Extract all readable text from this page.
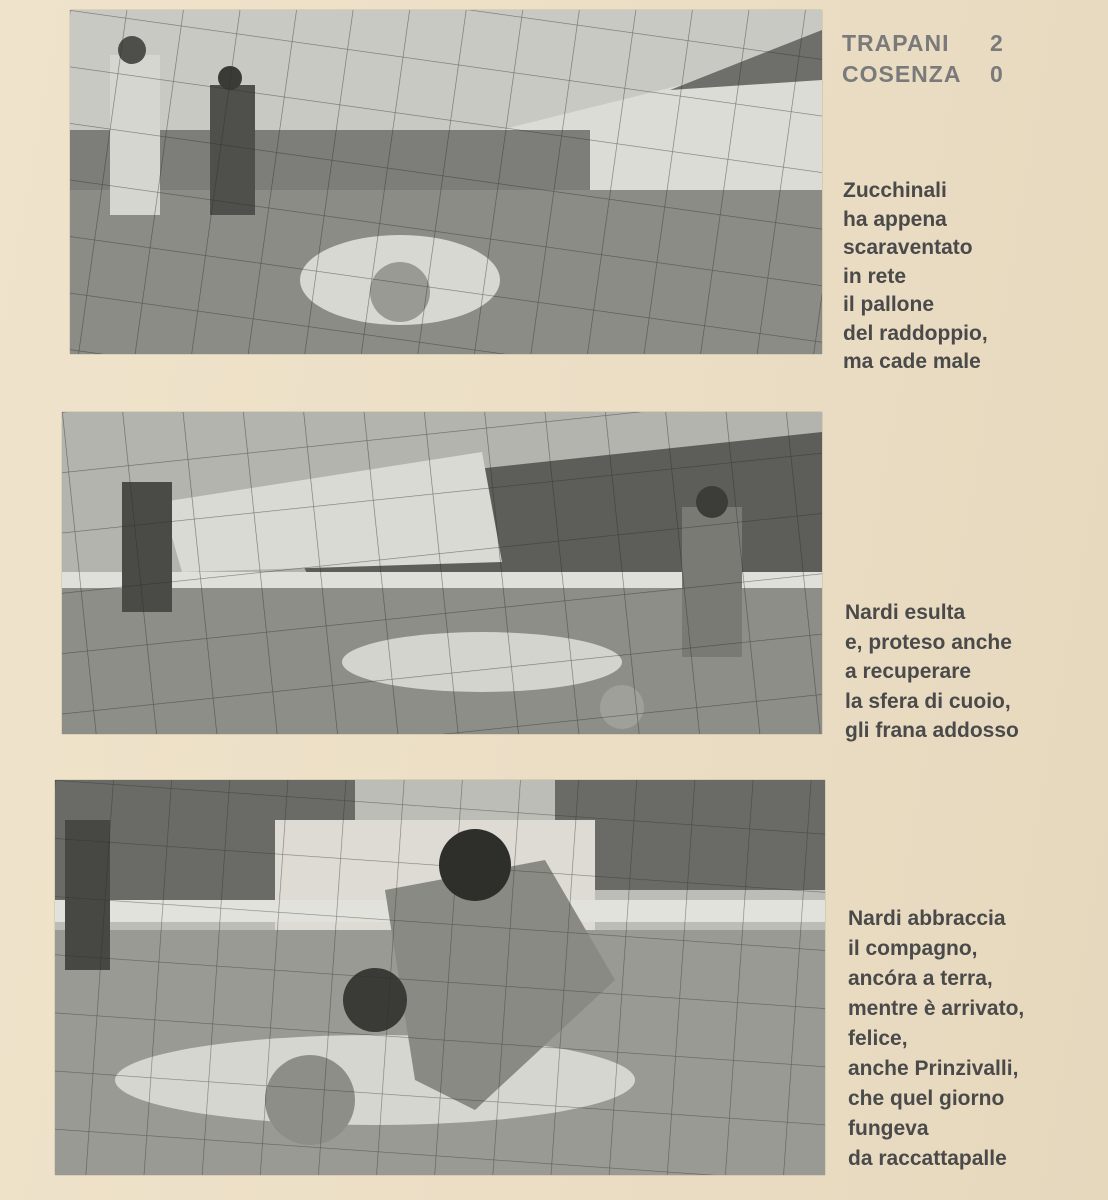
TRAPANI	2
COSENZA	0
Zucchinali
ha appena
scaraventato
in rete
il pallone
del raddoppio,
ma cade male
Nardi esulta
e, proteso anche
a recuperare
la sfera di cuoio,
gli frana addosso
Nardi abbraccia
il compagno,
ancóra a terra,
mentre è arrivato,
felice,
anche Prinzivalli,
che quel giorno
fungeva
da raccattapalle
